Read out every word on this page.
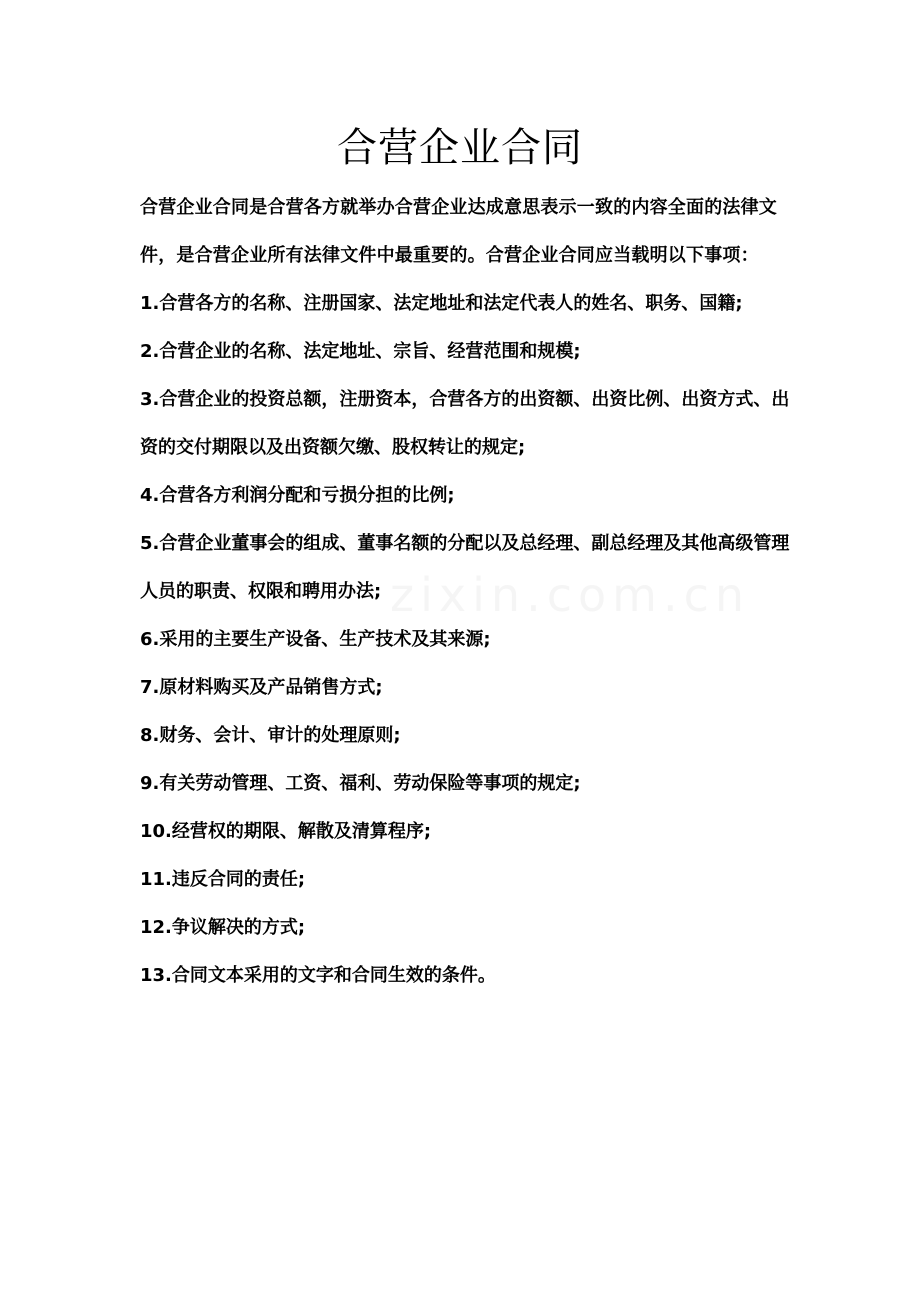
合营企业合同
zixin.com.cn

合营企业合同是合营各方就举办合营企业达成意思表示一致的内容全面的法律文件，是合营企业所有法律文件中最重要的。合营企业合同应当载明以下事项：

1.合营各方的名称、注册国家、法定地址和法定代表人的姓名、职务、国籍;

2.合营企业的名称、法定地址、宗旨、经营范围和规模;

3.合营企业的投资总额，注册资本，合营各方的出资额、出资比例、出资方式、出资的交付期限以及出资额欠缴、股权转让的规定;

4.合营各方利润分配和亏损分担的比例;

5.合营企业董事会的组成、董事名额的分配以及总经理、副总经理及其他高级管理人员的职责、权限和聘用办法;

6.采用的主要生产设备、生产技术及其来源;

7.原材料购买及产品销售方式;

8.财务、会计、审计的处理原则;

9.有关劳动管理、工资、福利、劳动保险等事项的规定;

10.经营权的期限、解散及清算程序;

11.违反合同的责任;

12.争议解决的方式;

13.合同文本采用的文字和合同生效的条件。
